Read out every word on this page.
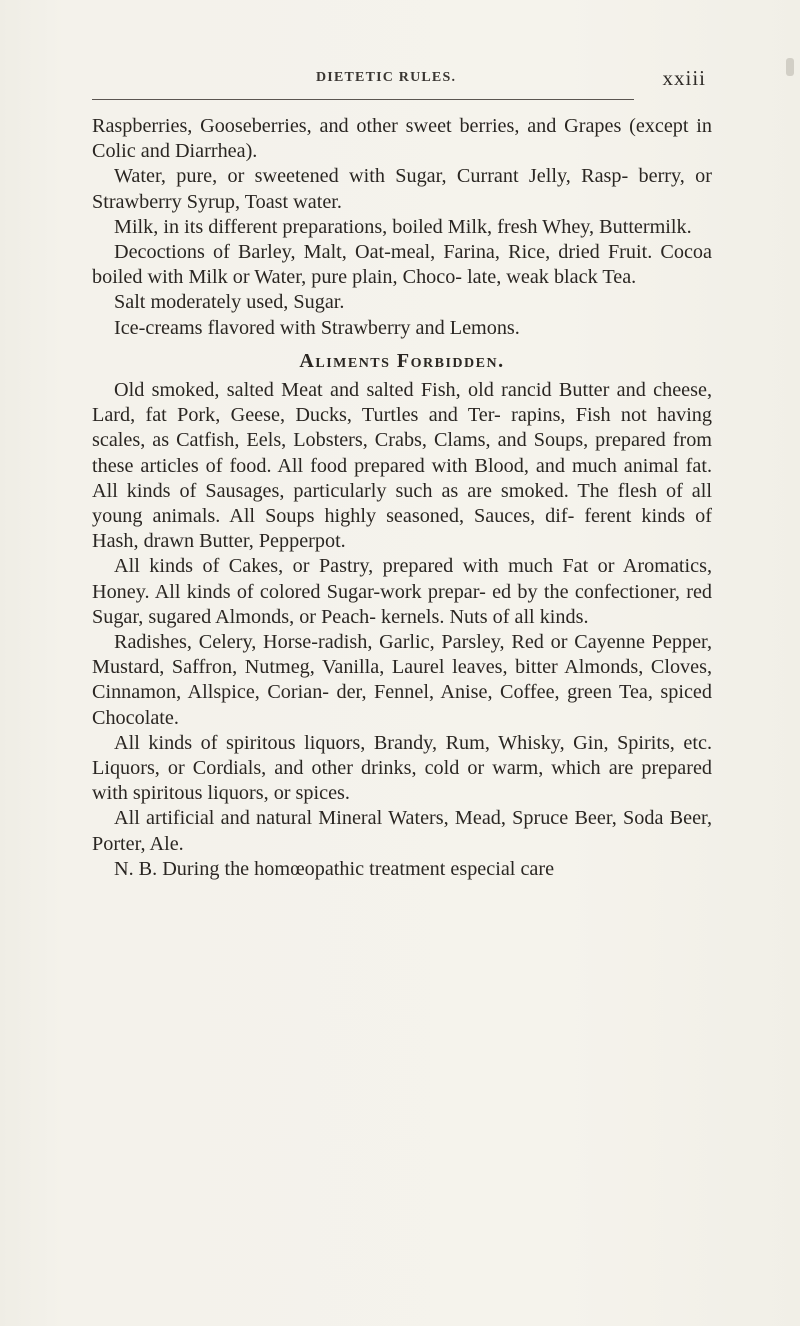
DIETETIC RULES.	xxiii

Raspberries, Gooseberries, and other sweet berries, and Grapes (except in Colic and Diarrhea).

Water, pure, or sweetened with Sugar, Currant Jelly, Rasp- berry, or Strawberry Syrup, Toast water.

Milk, in its different preparations, boiled Milk, fresh Whey, Buttermilk.

Decoctions of Barley, Malt, Oat-meal, Farina, Rice, dried Fruit. Cocoa boiled with Milk or Water, pure plain, Choco- late, weak black Tea.

Salt moderately used, Sugar.

Ice-creams flavored with Strawberry and Lemons.

Aliments Forbidden.

Old smoked, salted Meat and salted Fish, old rancid Butter and cheese, Lard, fat Pork, Geese, Ducks, Turtles and Ter- rapins, Fish not having scales, as Catfish, Eels, Lobsters, Crabs, Clams, and Soups, prepared from these articles of food. All food prepared with Blood, and much animal fat. All kinds of Sausages, particularly such as are smoked. The flesh of all young animals. All Soups highly seasoned, Sauces, dif- ferent kinds of Hash, drawn Butter, Pepperpot.

All kinds of Cakes, or Pastry, prepared with much Fat or Aromatics, Honey. All kinds of colored Sugar-work prepar- ed by the confectioner, red Sugar, sugared Almonds, or Peach- kernels. Nuts of all kinds.

Radishes, Celery, Horse-radish, Garlic, Parsley, Red or Cayenne Pepper, Mustard, Saffron, Nutmeg, Vanilla, Laurel leaves, bitter Almonds, Cloves, Cinnamon, Allspice, Corian- der, Fennel, Anise, Coffee, green Tea, spiced Chocolate.

All kinds of spiritous liquors, Brandy, Rum, Whisky, Gin, Spirits, etc. Liquors, or Cordials, and other drinks, cold or warm, which are prepared with spiritous liquors, or spices.

All artificial and natural Mineral Waters, Mead, Spruce Beer, Soda Beer, Porter, Ale.

N. B. During the homœopathic treatment especial care
